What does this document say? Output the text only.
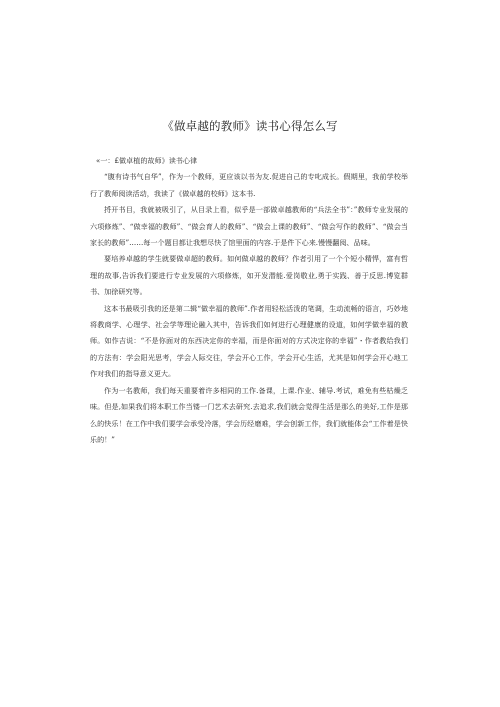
《做卓越的教师》读书心得怎么写

«一：£做卓植的故师》读书心律

“腹有诗书气自华”，作为一个教师，更应该以书为友.促进自己的专叱成长。假期里，我前学校举行了教师阅读活动，我读了《做卓越的校师》这本书.

捋开书目，我就被吸引了，从目录上看，似乎是一部做卓越教师的“兵法全书”：”教师专业发展的六项修炼”、“做幸福的教师”、“做会育人的教师”、“做会上课的教师”、“做会写作的教师”、“做会当家长的教师”……每一个题目都让我想尽快了馆里面的内容.于是件下心来.慢慢翻阅、品味。

要培养卓越的学生就要做卓超的教师。如何做卓越的教师？作者引用了一个个短小精悍，富有哲理的故事,告诉我们要进行专业发展的六项修炼，如开发潜能.爱岗敬业,勇于实践、善于反思.博览群书、加徐研究等。

这本书最吸引我的还是第二辑“做幸福的教师”.作者用轻松活泼的笔调，生动流畅的语言，巧妙地将教商学、心理学、社会学等理论融入其中，告诉我们如何进行心理健康的设道，如何学做幸福的教师。如作吉说：“不是你面对的东西决定你的幸福，而是你面对的方式决定你的幸福”・作者教给我们的方法有：学会阳光思考，学会人际交往，学会开心工作，学会开心生活，尤其是如何学会开心地工作对我们的指导意义更大。

作为一名教师，我们每天重要着许多相同的工作.备课，上课.作业、辅导.考试，难免有些枯燥乏味。但是,如果我们将本职工作当镂一门艺术去研究.去追求,我们就会觉得生活是那么的美好,工作是那么的快乐！在工作中我们要学会承受冷落，学会历经磨难，学会创新工作，我们就能体会“工作着是快乐的！”
